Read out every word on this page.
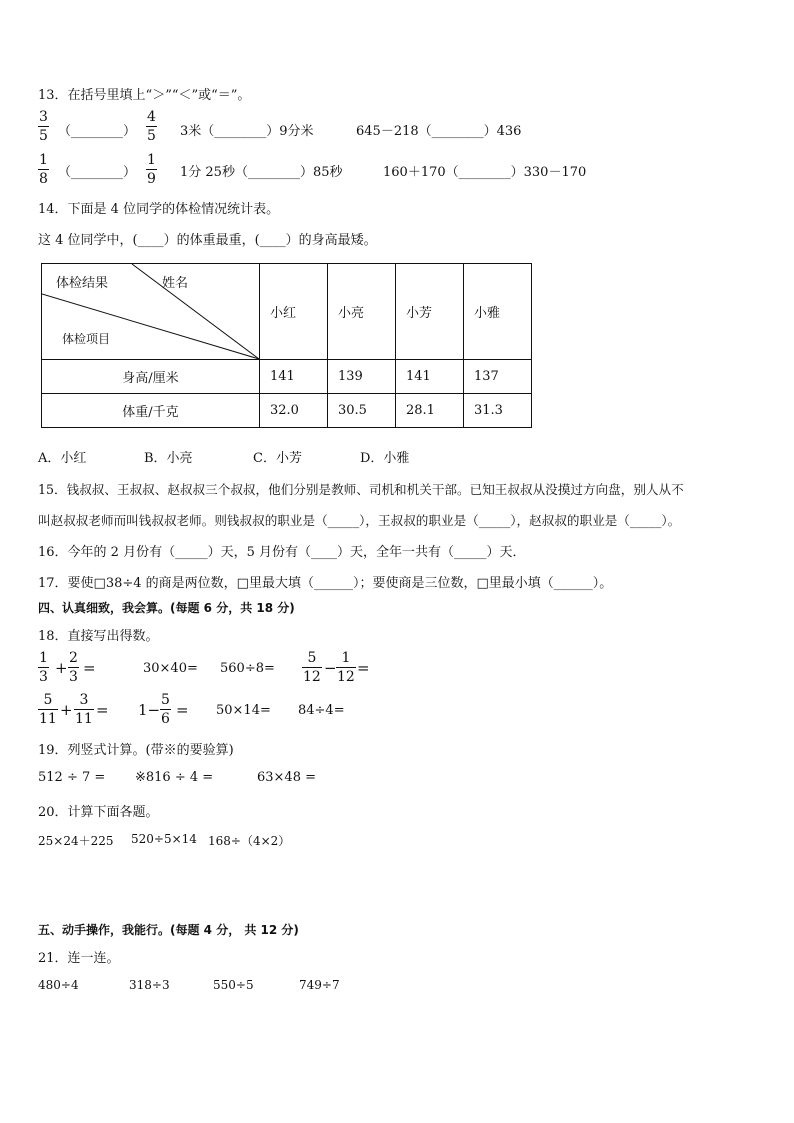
13．在括号里填上“＞”“＜”或“＝”。
3
5 （________）
4
5 3米（________）9分米	645－218（________）436
1
8 （________）
1
9 1分 25秒（________）85秒	160＋170（________）330－170
14．下面是 4 位同学的体检情况统计表。
这 4 位同学中，(____）的体重最重，(____）的身高最矮。
体检结果 姓名
体检项目	小红	小亮	小芳	小雅
身高/厘米	141	139	141	137
体重/千克	32.0	30.5	28.1	31.3
A．小红	B．小亮	C．小芳	D．小雅
15．钱叔叔、王叔叔、赵叔叔三个叔叔，他们分别是教师、司机和机关干部。已知王叔叔从没摸过方向盘，别人从不
叫赵叔叔老师而叫钱叔叔老师。则钱叔叔的职业是（_____），王叔叔的职业是（_____），赵叔叔的职业是（_____）。
16．今年的 2 月份有（_____）天，5 月份有（____）天，全年一共有（_____）天．
17．要使□38÷4 的商是两位数，□里最大填（______）；要使商是三位数，□里最小填（______）。
四、认真细致，我会算。(每题 6 分，共 18 分)
18．直接写出得数。
1
3 +
2
3 =	30×40= 560÷8=
5
12 −
1
12 =
5
11 +
3
11 = 1−
5
6 = 50×14= 84÷4=
19．列竖式计算。(带※的要验算)
512 ÷ 7 = ※816 ÷ 4 =	63×48 =
20．计算下面各题。
25×24＋225 520÷5×14 168÷（4×2）
五、动手操作，我能行。(每题 4 分， 共 12 分)
21．连一连。
480÷4	318÷3	550÷5	749÷7
